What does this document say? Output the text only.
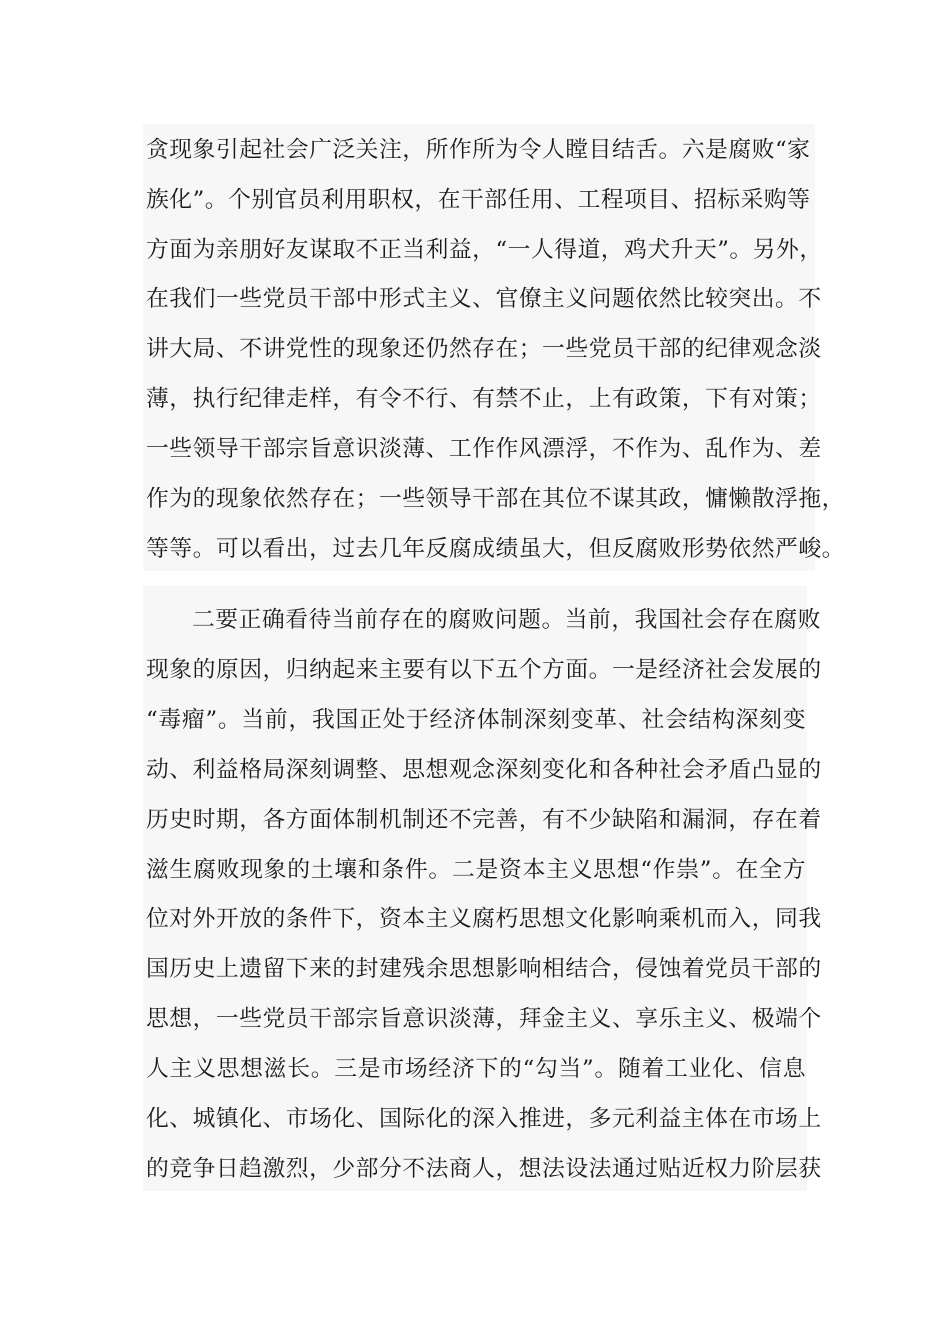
贪现象引起社会广泛关注，所作所为令人瞠目结舌。六是腐败“家
族化”。个别官员利用职权，在干部任用、工程项目、招标采购等
方面为亲朋好友谋取不正当利益，“一人得道，鸡犬升天”。另外，
在我们一些党员干部中形式主义、官僚主义问题依然比较突出。不
讲大局、不讲党性的现象还仍然存在；一些党员干部的纪律观念淡
薄，执行纪律走样，有令不行、有禁不止，上有政策，下有对策；
一些领导干部宗旨意识淡薄、工作作风漂浮，不作为、乱作为、差
作为的现象依然存在；一些领导干部在其位不谋其政，慵懒散浮拖，
等等。可以看出，过去几年反腐成绩虽大，但反腐败形势依然严峻。
二要正确看待当前存在的腐败问题。当前，我国社会存在腐败
现象的原因，归纳起来主要有以下五个方面。一是经济社会发展的
“毒瘤”。当前，我国正处于经济体制深刻变革、社会结构深刻变
动、利益格局深刻调整、思想观念深刻变化和各种社会矛盾凸显的
历史时期，各方面体制机制还不完善，有不少缺陷和漏洞，存在着
滋生腐败现象的土壤和条件。二是资本主义思想“作祟”。在全方
位对外开放的条件下，资本主义腐朽思想文化影响乘机而入，同我
国历史上遗留下来的封建残余思想影响相结合，侵蚀着党员干部的
思想，一些党员干部宗旨意识淡薄，拜金主义、享乐主义、极端个
人主义思想滋长。三是市场经济下的“勾当”。随着工业化、信息
化、城镇化、市场化、国际化的深入推进，多元利益主体在市场上
的竞争日趋激烈，少部分不法商人，想法设法通过贴近权力阶层获
